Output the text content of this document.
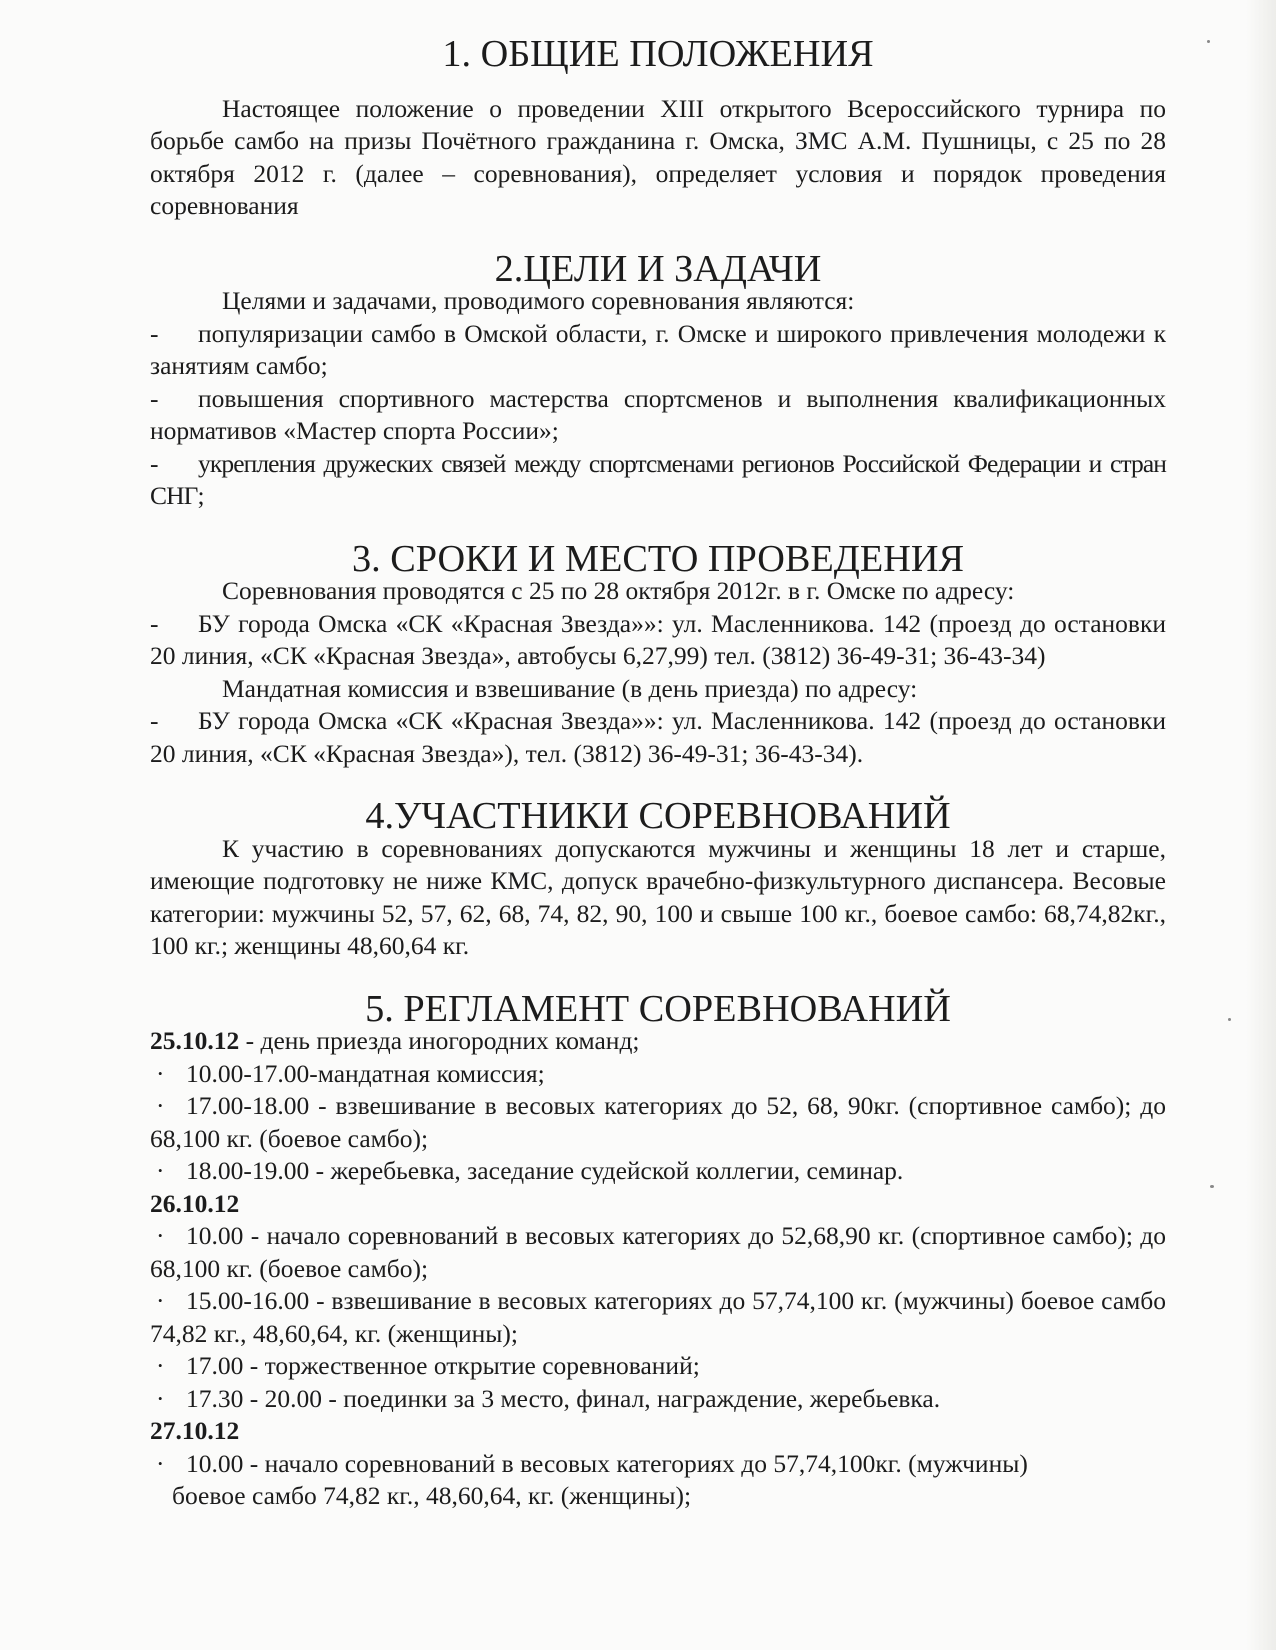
1. ОБЩИЕ ПОЛОЖЕНИЯ

Настоящее положение о проведении XIII открытого Всероссийского турнира по борьбе самбо на призы Почётного гражданина г. Омска, ЗМС А.М. Пушницы, с 25 по 28 октября 2012 г. (далее – соревнования), определяет условия и порядок проведения соревнования

2.ЦЕЛИ И ЗАДАЧИ

Целями и задачами, проводимого соревнования являются:

- популяризации самбо в Омской области, г. Омске и широкого привлечения молодежи к занятиям самбо;

- повышения спортивного мастерства спортсменов и выполнения квалификационных нормативов «Мастер спорта России»;

- укрепления дружеских связей между спортсменами регионов Российской Федерации и стран СНГ;

3. СРОКИ И МЕСТО ПРОВЕДЕНИЯ

Соревнования проводятся с 25 по 28 октября 2012г. в г. Омске по адресу:

- БУ города Омска «СК «Красная Звезда»»: ул. Масленникова. 142 (проезд до остановки 20 линия, «СК «Красная Звезда», автобусы 6,27,99) тел. (3812) 36-49-31; 36-43-34)

Мандатная комиссия и взвешивание (в день приезда) по адресу:

- БУ города Омска «СК «Красная Звезда»»: ул. Масленникова. 142 (проезд до остановки 20 линия, «СК «Красная Звезда»), тел. (3812) 36-49-31; 36-43-34).

4.УЧАСТНИКИ СОРЕВНОВАНИЙ

К участию в соревнованиях допускаются мужчины и женщины 18 лет и старше, имеющие подготовку не ниже КМС, допуск врачебно-физкультурного диспансера. Весовые категории: мужчины 52, 57, 62, 68, 74, 82, 90, 100 и свыше 100 кг., боевое самбо: 68,74,82кг., 100 кг.; женщины 48,60,64 кг.

5. РЕГЛАМЕНТ СОРЕВНОВАНИЙ

25.10.12 - день приезда иногородних команд;

· 10.00-17.00-мандатная комиссия;

· 17.00-18.00 - взвешивание в весовых категориях до 52, 68, 90кг. (спортивное самбо); до 68,100 кг. (боевое самбо);

· 18.00-19.00 - жеребьевка, заседание судейской коллегии, семинар.

26.10.12

· 10.00 - начало соревнований в весовых категориях до 52,68,90 кг. (спортивное самбо); до 68,100 кг. (боевое самбо);

· 15.00-16.00 - взвешивание в весовых категориях до 57,74,100 кг. (мужчины) боевое самбо 74,82 кг., 48,60,64, кг. (женщины);

· 17.00 - торжественное открытие соревнований;

· 17.30 - 20.00 - поединки за 3 место, финал, награждение, жеребьевка.

27.10.12

· 10.00 - начало соревнований в весовых категориях до 57,74,100кг. (мужчины)

боевое самбо 74,82 кг., 48,60,64, кг. (женщины);
